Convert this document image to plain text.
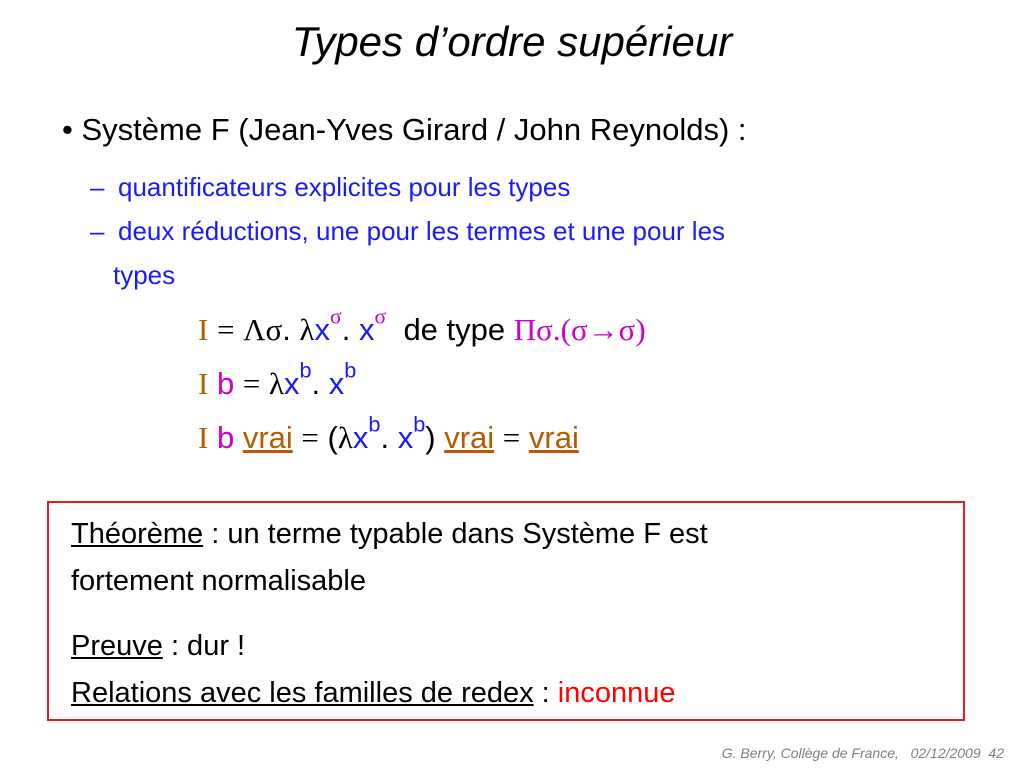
Types d’ordre supérieur
• Système F (Jean-Yves Girard / John Reynolds) :
– quantificateurs explicites pour les types
– deux réductions, une pour les termes et une pour les
types
I = Λσ. $\lambda x^\sigma$. $x^\sigma$ de type Πσ.(σ→σ)
I $b = \lambda x^b$. $x^b$
I b vrai = ($\lambda x^b$. $x^b$) vrai = vrai
Théorème : un terme typable dans Système F est
fortement normalisable
Preuve : dur !
Relations avec les familles de redex : inconnue
G. Berry, Collège de France,   02/12/2009  42
